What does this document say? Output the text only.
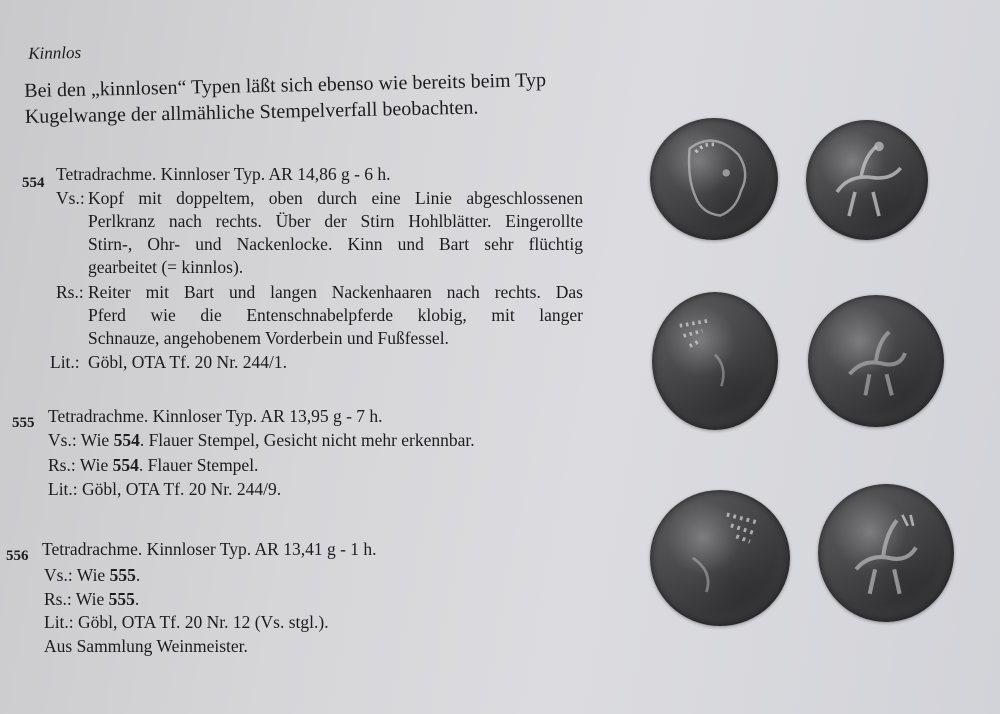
Kinnlos
Bei den „kinnlosen“ Typen läßt sich ebenso wie bereits beim Typ
Kugelwange der allmähliche Stempelverfall beobachten.
554 Tetradrachme. Kinnloser Typ. AR 14,86 g - 6 h.
Vs.: Kopf mit doppeltem, oben durch eine Linie abgeschlossenen
Perlkranz nach rechts. Über der Stirn Hohlblätter. Eingerollte
Stirn-, Ohr- und Nackenlocke. Kinn und Bart sehr flüchtig
gearbeitet (= kinnlos).
Rs.: Reiter mit Bart und langen Nackenhaaren nach rechts. Das
Pferd wie die Entenschnabelpferde klobig, mit langer
Schnauze, angehobenem Vorderbein und Fußfessel.
Lit.: Göbl, OTA Tf. 20 Nr. 244/1.
555 Tetradrachme. Kinnloser Typ. AR 13,95 g - 7 h.
Vs.: Wie 554. Flauer Stempel, Gesicht nicht mehr erkennbar.
Rs.: Wie 554. Flauer Stempel.
Lit.: Göbl, OTA Tf. 20 Nr. 244/9.
556 Tetradrachme. Kinnloser Typ. AR 13,41 g - 1 h.
Vs.: Wie 555.
Rs.: Wie 555.
Lit.: Göbl, OTA Tf. 20 Nr. 12 (Vs. stgl.).
Aus Sammlung Weinmeister.
